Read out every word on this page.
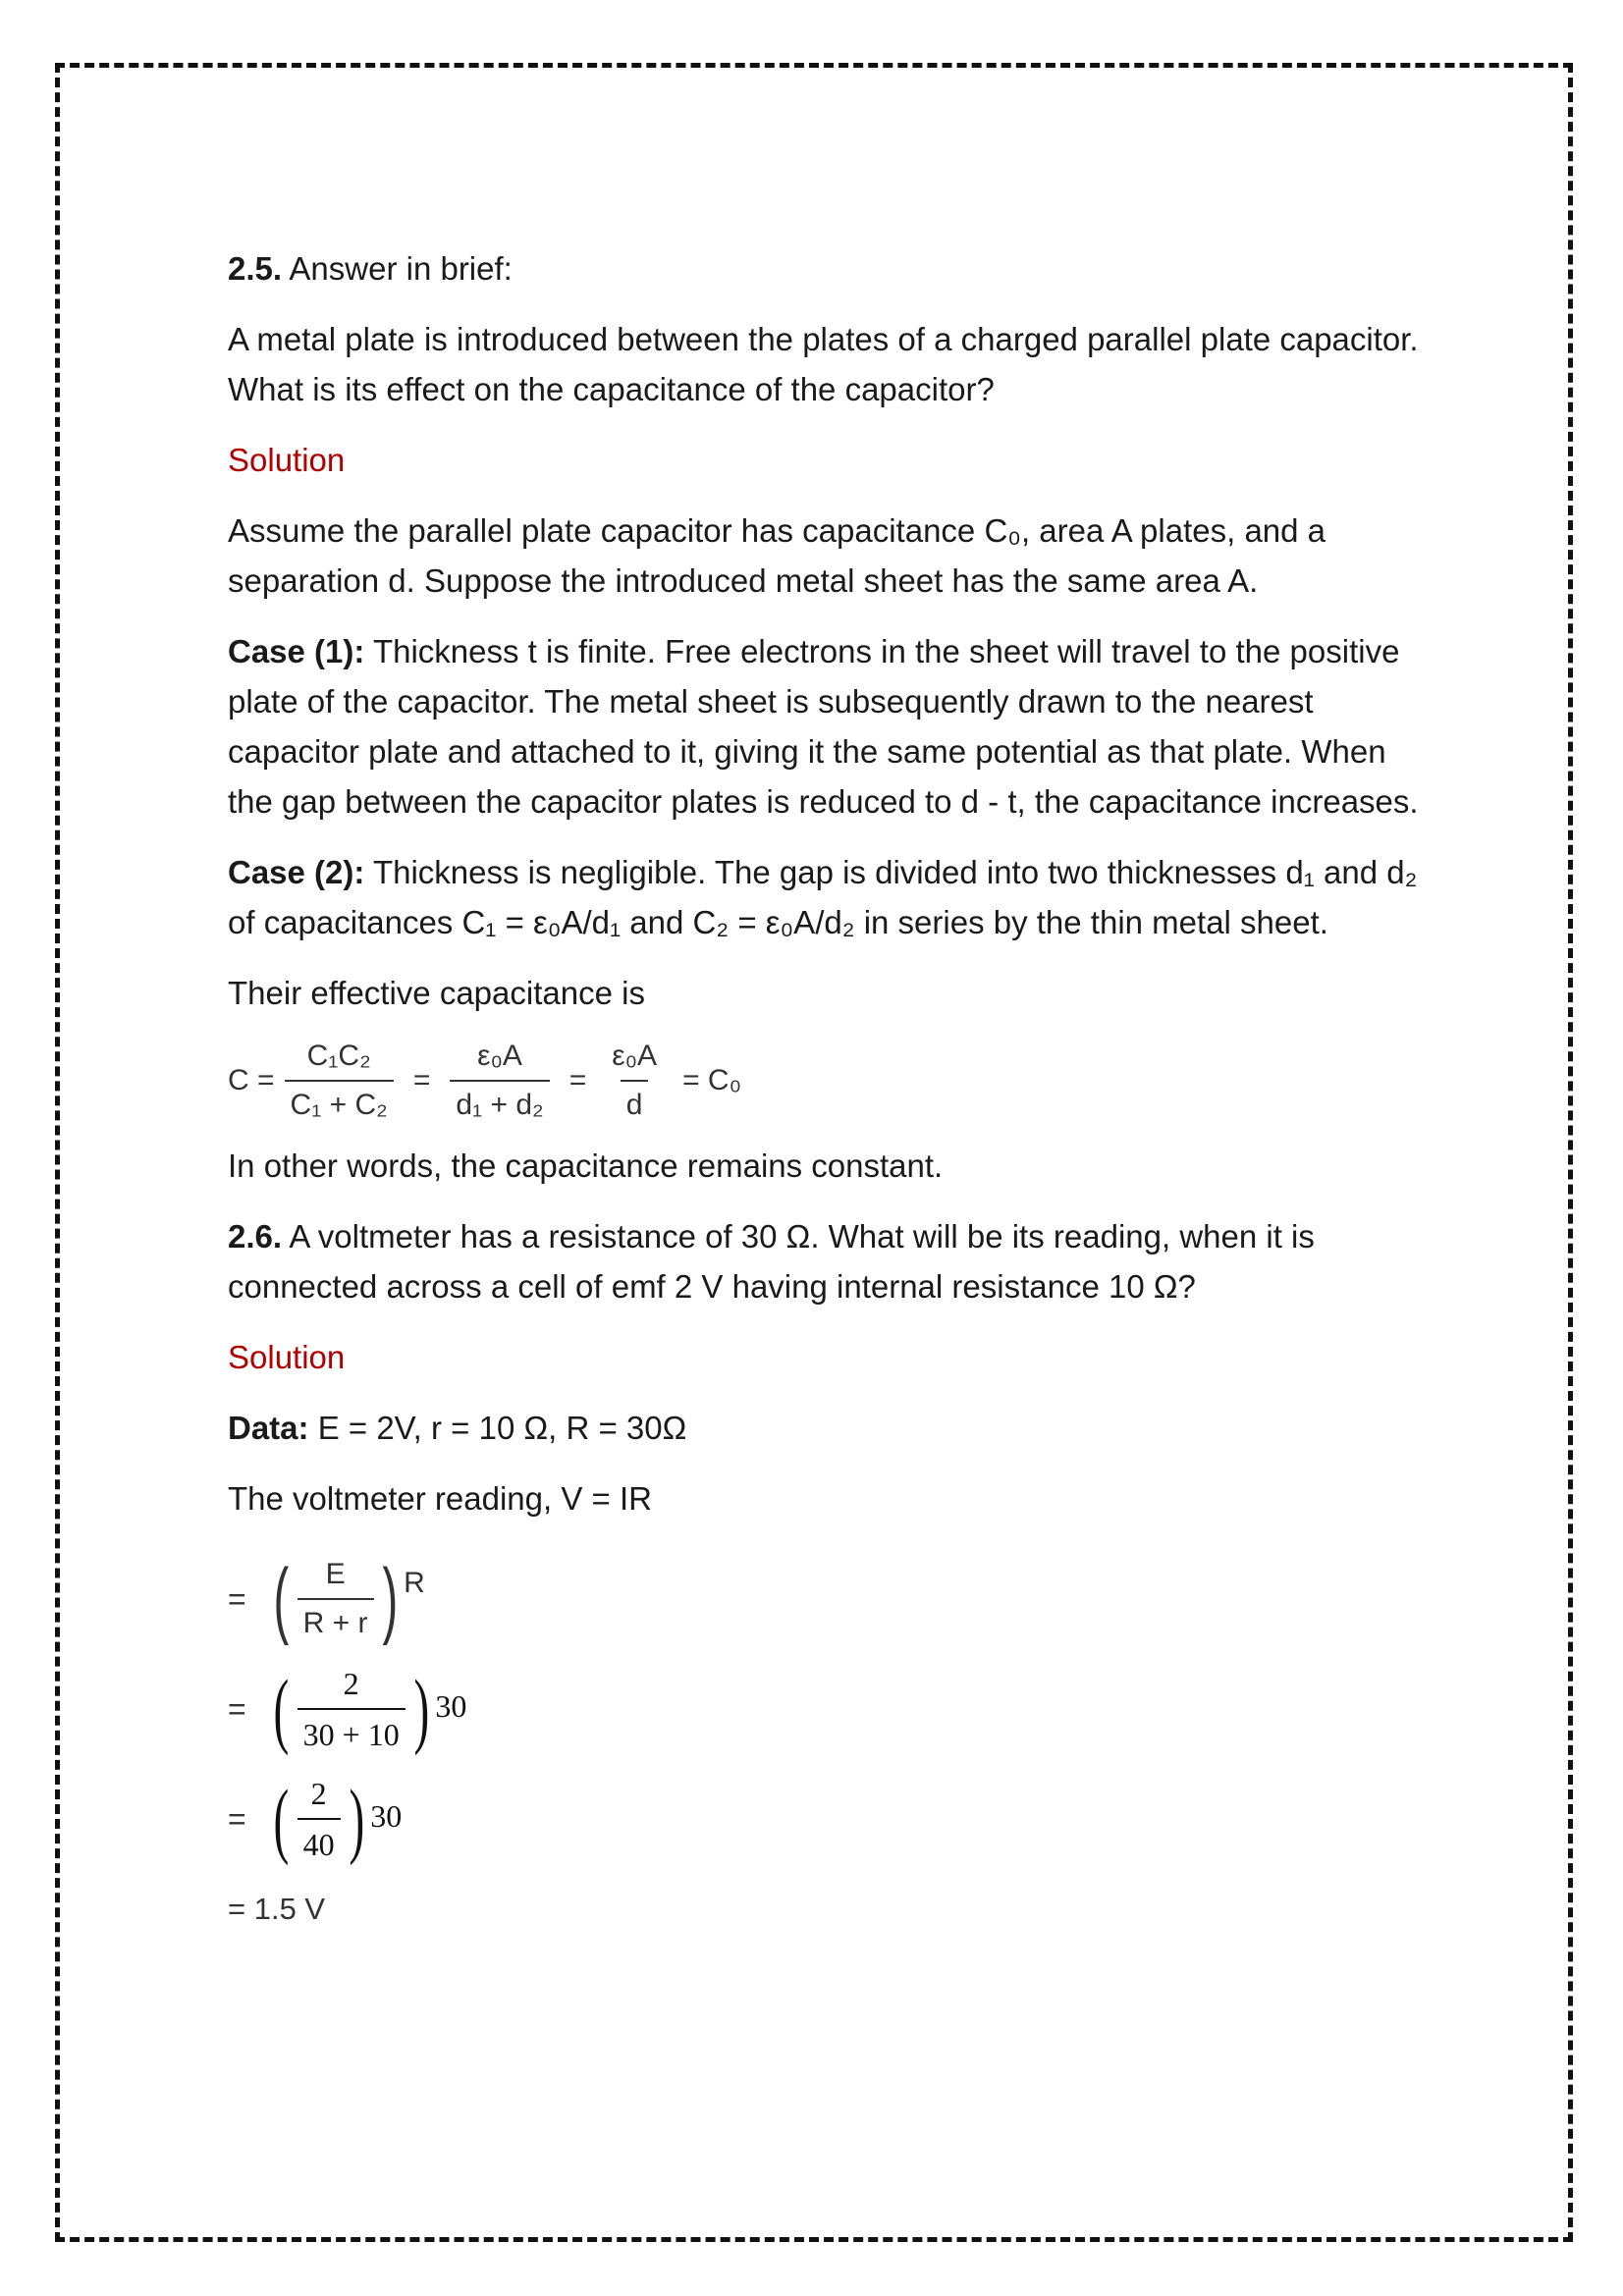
2.5. Answer in brief:

A metal plate is introduced between the plates of a charged parallel plate capacitor. What is its effect on the capacitance of the capacitor?

Solution

Assume the parallel plate capacitor has capacitance C₀, area A plates, and a separation d. Suppose the introduced metal sheet has the same area A.

Case (1): Thickness t is finite. Free electrons in the sheet will travel to the positive plate of the capacitor. The metal sheet is subsequently drawn to the nearest capacitor plate and attached to it, giving it the same potential as that plate. When the gap between the capacitor plates is reduced to d - t, the capacitance increases.

Case (2): Thickness is negligible. The gap is divided into two thicknesses d₁ and d₂ of capacitances C₁ = ε₀A/d₁ and C₂ = ε₀A/d₂ in series by the thin metal sheet.

Their effective capacitance is

$C = \frac{\text{C₁C₂}}{\text{C₁ + C₂}} = \frac{\text{ε₀A}}{\text{d₁ + d₂}} = \frac{\text{ε₀A}}{d} = C_0$

In other words, the capacitance remains constant.

2.6. A voltmeter has a resistance of 30 Ω. What will be its reading, when it is connected across a cell of emf 2 V having internal resistance 10 Ω?

Solution

Data: E = 2V, r = 10 Ω, R = 30Ω

The voltmeter reading, V = IR

= ( $\frac{E}{R + r}$ ) R
= ( $\frac{2}{30 + 10}$ ) 30
= ( $\frac{2}{40}$ ) 30

= 1.5 V
